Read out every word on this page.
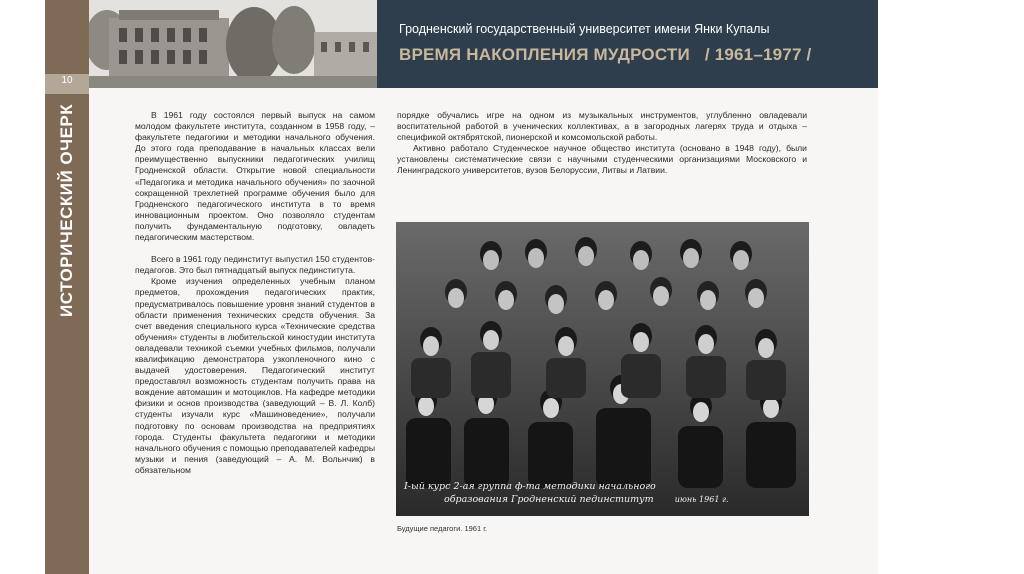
10
ИСТОРИЧЕСКИЙ ОЧЕРК
Гродненский государственный университет имени Янки Купалы
ВРЕМЯ НАКОПЛЕНИЯ МУДРОСТИ / 1961–1977 /

В 1961 году состоялся первый выпуск на самом молодом факультете института, созданном в 1958 году, – факультете педагогики и методики начального обучения. До этого года преподавание в начальных классах вели преимущественно выпускники педагогических училищ Гродненской области. Открытие новой специальности «Педагогика и методика начального обучения» по заочной сокращенной трехлетней программе обучения было для Гродненского педагогического института в то время инновационным проектом. Оно позволяло студентам получить фундаментальную подготовку, овладеть педагогическим мастерством.

Всего в 1961 году пединститут выпустил 150 студентов-педагогов. Это был пятнадцатый выпуск пединститута.

Кроме изучения определенных учебным планом предметов, прохождения педагогических практик, предусматривалось повышение уровня знаний студентов в области применения технических средств обучения. За счет введения специального курса «Технические средства обучения» студенты в любительской киностудии института овладевали техникой съемки учебных фильмов, получали квалификацию демонстратора узкопленочного кино с выдачей удостоверения. Педагогический институт предоставлял возможность студентам получить права на вождение автомашин и мотоциклов. На кафедре методики физики и основ производства (заведующий – В. Л. Колб) студенты изучали курс «Машиноведение», получали подготовку по основам производства на предприятиях города. Студенты факультета педагогики и методики начального обучения с помощью преподавателей кафедры музыки и пения (заведующий – А. М. Вольнчик) в обязательном

порядке обучались игре на одном из музыкальных инструментов, углубленно овладевали воспитательной работой в ученических коллективах, а в загородных лагерях труда и отдыха – спецификой октябрятской, пионерской и комсомольской работы.

Активно работало Студенческое научное общество института (основано в 1948 году), были установлены систематические связи с научными студенческими организациями Московского и Ленинградского университетов, вузов Белоруссии, Литвы и Латвии.

I-ый курс 2-ая группа ф-та методики начального
образования Гродненский пединститут	июнь 1961 г.
Будущие педагоги. 1961 г.
